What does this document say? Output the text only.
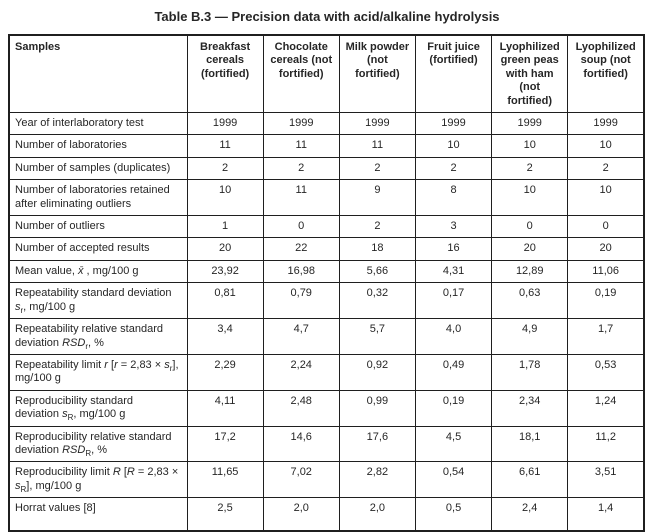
Table B.3 — Precision data with acid/alkaline hydrolysis
Samples	Breakfast cereals (fortified)	Chocolate cereals (not fortified)	Milk powder (not fortified)	Fruit juice (fortified)	Lyophilized green peas with ham (not fortified)	Lyophilized soup (not fortified)
Year of interlaboratory test	1999	1999	1999	1999	1999	1999
Number of laboratories	11	11	11	10	10	10
Number of samples (duplicates)	2	2	2	2	2	2
Number of laboratories retained after eliminating outliers	10	11	9	8	10	10
Number of outliers	1	0	2	3	0	0
Number of accepted results	20	22	18	16	20	20
Mean value, x̄ , mg/100 g	23,92	16,98	5,66	4,31	12,89	11,06
Repeatability standard deviation $s_r$, mg/100 g	0,81	0,79	0,32	0,17	0,63	0,19
Repeatability relative standard deviation $RSD_r$, %	3,4	4,7	5,7	4,0	4,9	1,7
Repeatability limit r $[r = 2,83 \times s_r]$, mg/100 g	2,29	2,24	0,92	0,49	1,78	0,53
Reproducibility standard deviation $s_R$, mg/100 g	4,11	2,48	0,99	0,19	2,34	1,24
Reproducibility relative standard deviation $RSD_R$, %	17,2	14,6	17,6	4,5	18,1	11,2
Reproducibility limit R $[R = 2,83 \times s_R]$, mg/100 g	11,65	7,02	2,82	0,54	6,61	3,51
Horrat values [8]	2,5	2,0	2,0	0,5	2,4	1,4
